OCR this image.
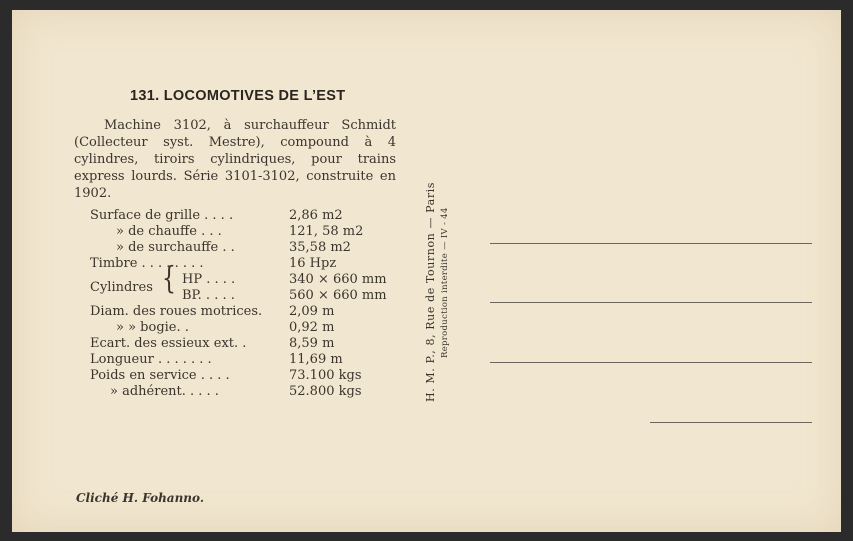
131. LOCOMOTIVES DE L’EST
Machine 3102, à surchauffeur Schmidt (Collecteur syst. Mestre), compound à 4 cylindres, tiroirs cylindriques, pour trains express lourds. Série 3101-3102, construite en 1902.
Surface de grille . . . .	2,86 m2
» de chauffe . . .	121, 58 m2
» de surchauffe . .	35,58 m2
Timbre . . . . . . . .	16 Hpz
Cylindres { HP . . . .	340 × 660 mm
BP. . . . .	560 × 660 mm
Diam. des roues motrices. 2,09 m
» » bogie. .	0,92 m
Ecart. des essieux ext. .	8,59 m
Longueur . . . . . . .	11,69 m
Poids en service . . . .	73.100 kgs
» adhérent. . . . .	52.800 kgs	H. M. P., 8, Rue de Tournon — Paris Reproduction interdite — IV - 44
Cliché H. Fohanno.
